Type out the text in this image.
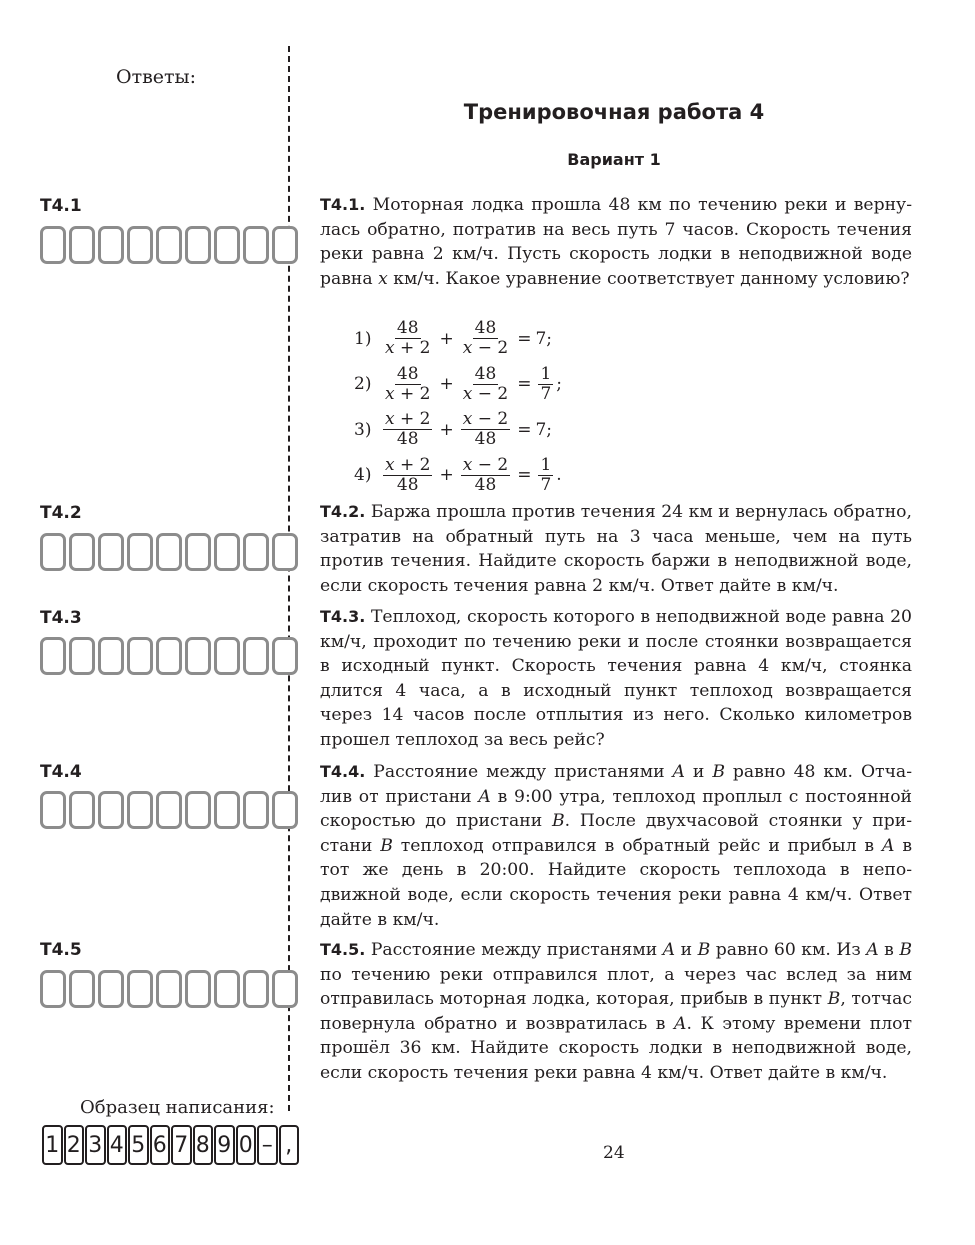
Ответы:
Т4.1
Т4.2
Т4.3
Т4.4
Т4.5
Тренировочная работа 4
Вариант 1
Т4.1. Моторная лодка прошла 48 км по течению реки и вернулась обратно, потратив на весь путь 7 часов. Скорость течения реки равна 2 км/ч. Пусть скорость лодки в неподвижной воде равна x км/ч. Какое уравнение соответствует данному условию?
$1) \frac{48}{x + 2} + \frac{48}{x - 2} = 7$ ;
$2) \frac{48}{x + 2} + \frac{48}{x - 2} = \frac{1}{7}$ ;
$3) \frac{x + 2}{48} + \frac{x - 2}{48} = 7$ ;
$4) \frac{x + 2}{48} + \frac{x - 2}{48} = \frac{1}{7}$ .
Т4.2. Баржа прошла против течения 24 км и вернулась обратно, затратив на обратный путь на 3 часа меньше, чем на путь против течения. Найдите скорость баржи в неподвижной воде, если скорость течения равна 2 км/ч. Ответ дайте в км/ч.
Т4.3. Теплоход, скорость которого в неподвижной воде равна 20 км/ч, проходит по течению реки и после стоянки возвращается в исходный пункт. Скорость течения равна 4 км/ч, стоянка длится 4 часа, а в исходный пункт теплоход возвращается через 14 часов после отплытия из него. Сколько километров прошел теплоход за весь рейс?
Т4.4. Расстояние между пристанями A и B равно 48 км. Отчалив от пристани A в 9:00 утра, теплоход проплыл с постоянной скоростью до пристани B. После двухчасовой стоянки у пристани B теплоход отправился в обратный рейс и прибыл в A в тот же день в 20:00. Найдите скорость теплохода в неподвижной воде, если скорость течения реки равна 4 км/ч. Ответ дайте в км/ч.
Т4.5. Расстояние между пристанями A и B равно 60 км. Из A в B по течению реки отправился плот, а через час вслед за ним отправилась моторная лодка, которая, прибыв в пункт B, тотчас повернула обратно и возвратилась в A. К этому времени плот прошёл 36 км. Найдите скорость лодки в неподвижной воде, если скорость течения реки равна 4 км/ч. Ответ дайте в км/ч.
Образец написания:
1 2 3 4 5 6 7 8 9 0 – ,	24
